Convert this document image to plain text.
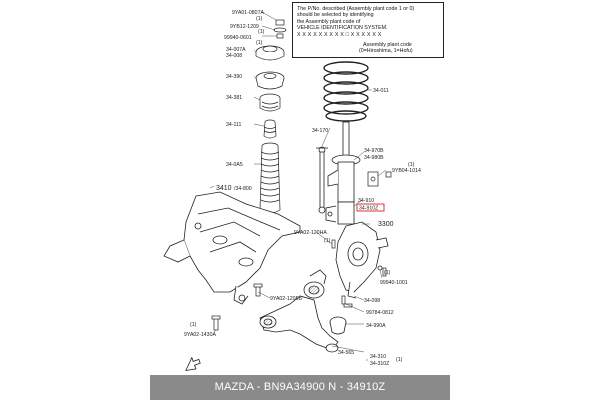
9YA01-0807A
(1)
9YB12-1209
(1)
99940-0601
(1)
34-007A
34-008
34-390
34-381
34-111
34-0A5
34-011
34-170
34-970B
34-980B
(1)
9YB04-1014
3410 /34-800
34-910
34-910Z
3300
9YA02-120HA
(1)
(1)
99940-1001
34-098
9YA02-1205B
99784-0812
34-990A
(1)
9YA02-1430A
34-565
34-310
34-310Z
(1)
The P/No. described (Assembly plant code 1 or 0)
should be selected by identifying
the Assembly plant code of
VEHICLE IDENTIFICATION SYSTEM.
X X X X X X X X X □ X X X X X X
Assembly plant code
(0=Hiroshima, 1=Hofu)
MAZDA - BN9A34900 N - 34910Z
